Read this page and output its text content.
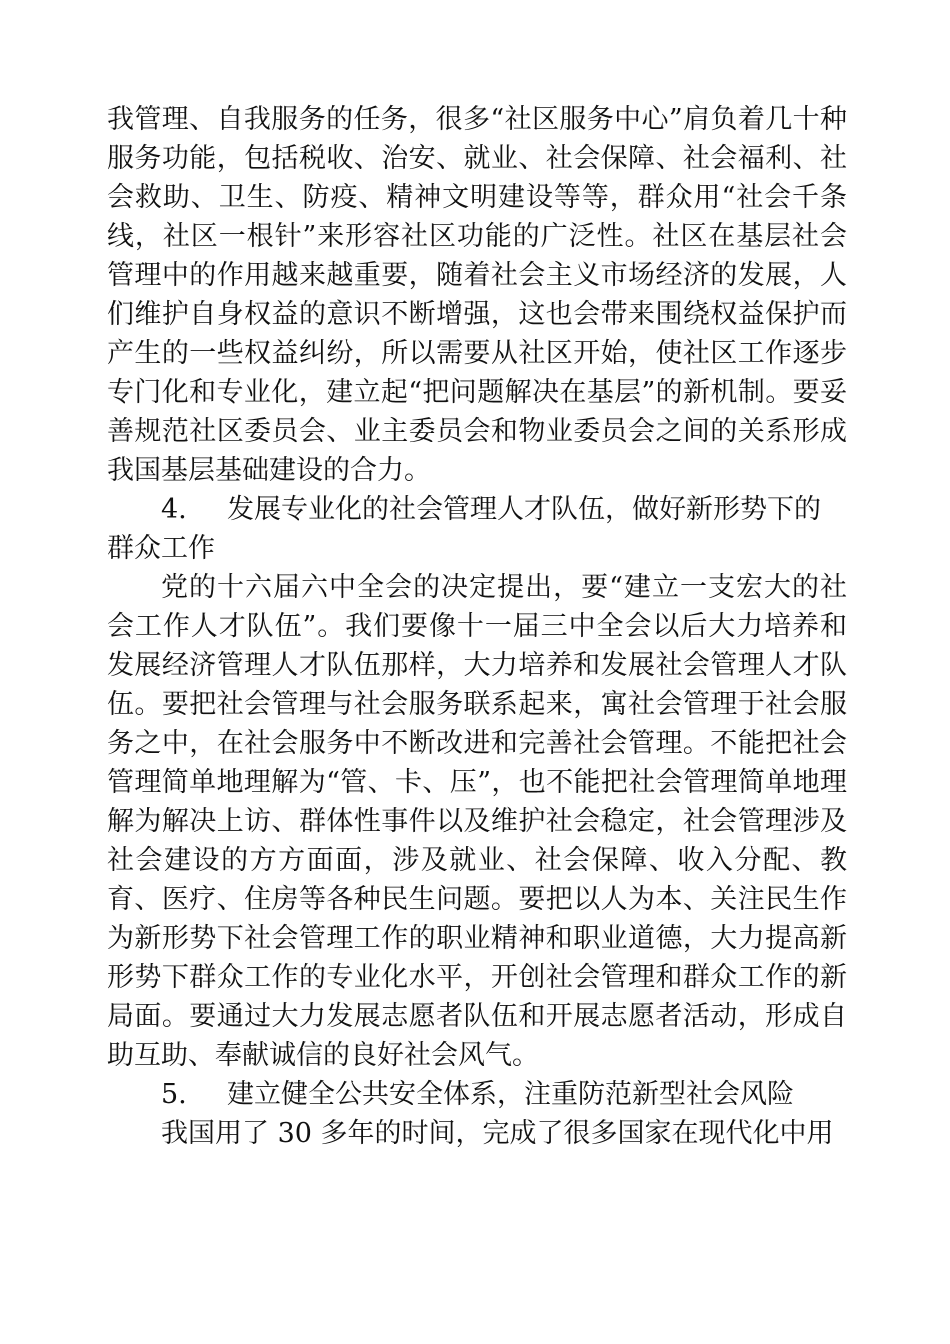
我管理、自我服务的任务，很多“社区服务中心”肩负着几十种服务功能，包括税收、治安、就业、社会保障、社会福利、社会救助、卫生、防疫、精神文明建设等等，群众用“社会千条线，社区一根针”来形容社区功能的广泛性。社区在基层社会管理中的作用越来越重要，随着社会主义市场经济的发展，人们维护自身权益的意识不断增强，这也会带来围绕权益保护而产生的一些权益纠纷，所以需要从社区开始，使社区工作逐步专门化和专业化，建立起“把问题解决在基层”的新机制。要妥善规范社区委员会、业主委员会和物业委员会之间的关系形成我国基层基础建设的合力。

4. 发展专业化的社会管理人才队伍，做好新形势下的群众工作

党的十六届六中全会的决定提出，要“建立一支宏大的社会工作人才队伍”。我们要像十一届三中全会以后大力培养和发展经济管理人才队伍那样，大力培养和发展社会管理人才队伍。要把社会管理与社会服务联系起来，寓社会管理于社会服务之中，在社会服务中不断改进和完善社会管理。不能把社会管理简单地理解为“管、卡、压”，也不能把社会管理简单地理解为解决上访、群体性事件以及维护社会稳定，社会管理涉及社会建设的方方面面，涉及就业、社会保障、收入分配、教育、医疗、住房等各种民生问题。要把以人为本、关注民生作为新形势下社会管理工作的职业精神和职业道德，大力提高新形势下群众工作的专业化水平，开创社会管理和群众工作的新局面。要通过大力发展志愿者队伍和开展志愿者活动，形成自助互助、奉献诚信的良好社会风气。

5. 建立健全公共安全体系，注重防范新型社会风险

我国用了 30 多年的时间，完成了很多国家在现代化中用
